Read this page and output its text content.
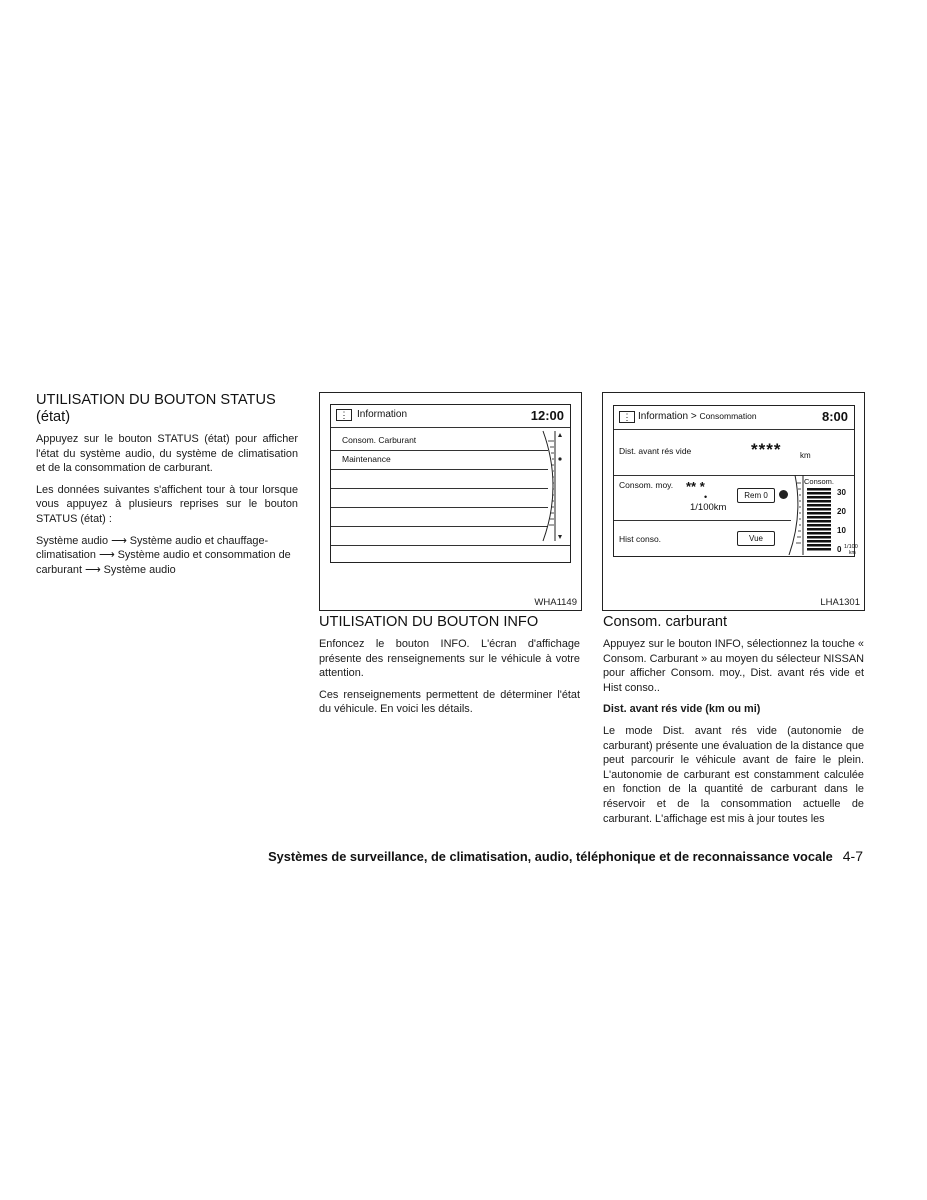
UTILISATION DU BOUTON STATUS
(état)

Appuyez sur le bouton STATUS (état) pour afficher l'état du système audio, du système de climatisation et de la consommation de carburant.

Les données suivantes s'affichent tour à tour lorsque vous appuyez à plusieurs reprises sur le bouton STATUS (état) :

Système audio ⟶ Système audio et chauffage-climatisation ⟶ Système audio et consommation de carburant ⟶ Système audio

⋮ Information	12:00
Consom. Carburant
Maintenance
WHA1149
UTILISATION DU BOUTON INFO

Enfoncez le bouton INFO. L'écran d'affichage présente des renseignements sur le véhicule à votre attention.

Ces renseignements permettent de déterminer l'état du véhicule. En voici les détails.

⋮ Information > Consommation	8:00
Dist. avant rés vide	**** km
Consom. moy. ** *
•
1/100km
Rem 0
Hist conso.	Vue
Consom.
30
20
10
0 1/100
km
LHA1301
Consom. carburant

Appuyez sur le bouton INFO, sélectionnez la touche « Consom. Carburant » au moyen du sélecteur NISSAN pour afficher Consom. moy., Dist. avant rés vide et Hist conso..

Dist. avant rés vide (km ou mi)

Le mode Dist. avant rés vide (autonomie de carburant) présente une évaluation de la distance que peut parcourir le véhicule avant de faire le plein. L'autonomie de carburant est constamment calculée en fonction de la quantité de carburant dans le réservoir et de la consommation actuelle de carburant. L'affichage est mis à jour toutes les

Systèmes de surveillance, de climatisation, audio, téléphonique et de reconnaissance vocale 4-7
